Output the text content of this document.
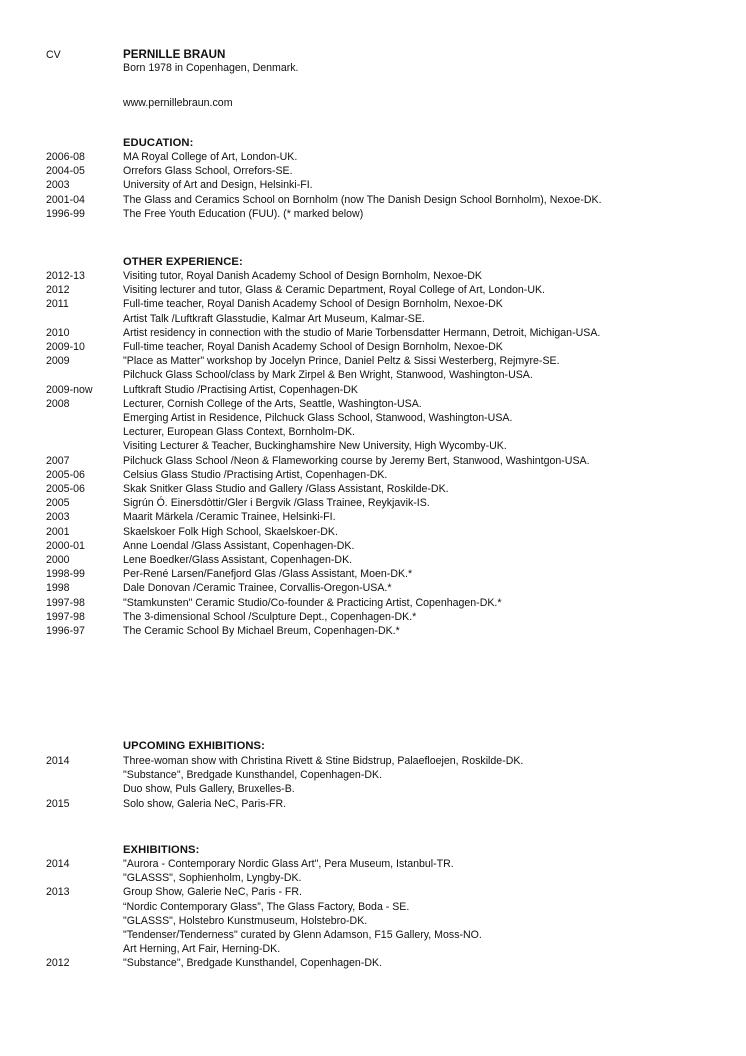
CV	PERNILLE BRAUN
Born 1978 in Copenhagen, Denmark.
www.pernillebraun.com
EDUCATION:
OTHER EXPERIENCE:
UPCOMING EXHIBITIONS:
EXHIBITIONS:
2006-08	MA Royal College of Art, London-UK.
2004-05	Orrefors Glass School, Orrefors-SE.
2003	University of Art and Design, Helsinki-FI.
2001-04	The Glass and Ceramics School on Bornholm (now The Danish Design School Bornholm), Nexoe-DK.
1996-99	The Free Youth Education (FUU). (* marked below)
2012-13	Visiting tutor, Royal Danish Academy School of Design Bornholm, Nexoe-DK
2012	Visiting lecturer and tutor, Glass & Ceramic Department, Royal College of Art, London-UK.
2011	Full-time teacher, Royal Danish Academy School of Design Bornholm, Nexoe-DK
Artist Talk /Luftkraft Glasstudie, Kalmar Art Museum, Kalmar-SE.
2010	Artist residency in connection with the studio of Marie Torbensdatter Hermann, Detroit, Michigan-USA.
2009-10	Full-time teacher, Royal Danish Academy School of Design Bornholm, Nexoe-DK
2009	"Place as Matter" workshop by Jocelyn Prince, Daniel Peltz & Sissi Westerberg, Rejmyre-SE.
Pilchuck Glass School/class by Mark Zirpel & Ben Wright, Stanwood, Washington-USA.
2009-now	Luftkraft Studio /Practising Artist, Copenhagen-DK
2008	Lecturer, Cornish College of the Arts, Seattle, Washington-USA.
Emerging Artist in Residence, Pilchuck Glass School, Stanwood, Washington-USA.
Lecturer, European Glass Context, Bornholm-DK.
Visiting Lecturer & Teacher, Buckinghamshire New University, High Wycomby-UK.
2007	Pilchuck Glass School /Neon & Flameworking course by Jeremy Bert, Stanwood, Washintgon-USA.
2005-06	Celsius Glass Studio /Practising Artist, Copenhagen-DK.
2005-06	Skak Snitker Glass Studio and Gallery /Glass Assistant, Roskilde-DK.
2005	Sigrún Ó. Einersdòttir/Gler i Bergvik /Glass Trainee, Reykjavik-IS.
2003	Maarit Märkela /Ceramic Trainee, Helsinki-FI.
2001	Skaelskoer Folk High School, Skaelskoer-DK.
2000-01	Anne Loendal /Glass Assistant, Copenhagen-DK.
2000	Lene Boedker/Glass Assistant, Copenhagen-DK.
1998-99	Per-René Larsen/Fanefjord Glas /Glass Assistant, Moen-DK.*
1998	Dale Donovan /Ceramic Trainee, Corvallis-Oregon-USA.*
1997-98	"Stamkunsten" Ceramic Studio/Co-founder & Practicing Artist, Copenhagen-DK.*
1997-98	The 3-dimensional School /Sculpture Dept., Copenhagen-DK.*
1996-97	The Ceramic School By Michael Breum, Copenhagen-DK.*
2014	Three-woman show with Christina Rivett & Stine Bidstrup, Palaefloejen, Roskilde-DK.
"Substance", Bredgade Kunsthandel, Copenhagen-DK.
Duo show, Puls Gallery, Bruxelles-B.
2015	Solo show, Galeria NeC, Paris-FR.
2014	"Aurora - Contemporary Nordic Glass Art", Pera Museum, Istanbul-TR.
"GLASSS", Sophienholm, Lyngby-DK.
2013	Group Show, Galerie NeC, Paris - FR.
“Nordic Contemporary Glass”, The Glass Factory, Boda - SE.
"GLASSS", Holstebro Kunstmuseum, Holstebro-DK.
"Tendenser/Tenderness" curated by Glenn Adamson, F15 Gallery, Moss-NO.
Art Herning, Art Fair, Herning-DK.
2012	"Substance", Bredgade Kunsthandel, Copenhagen-DK.
